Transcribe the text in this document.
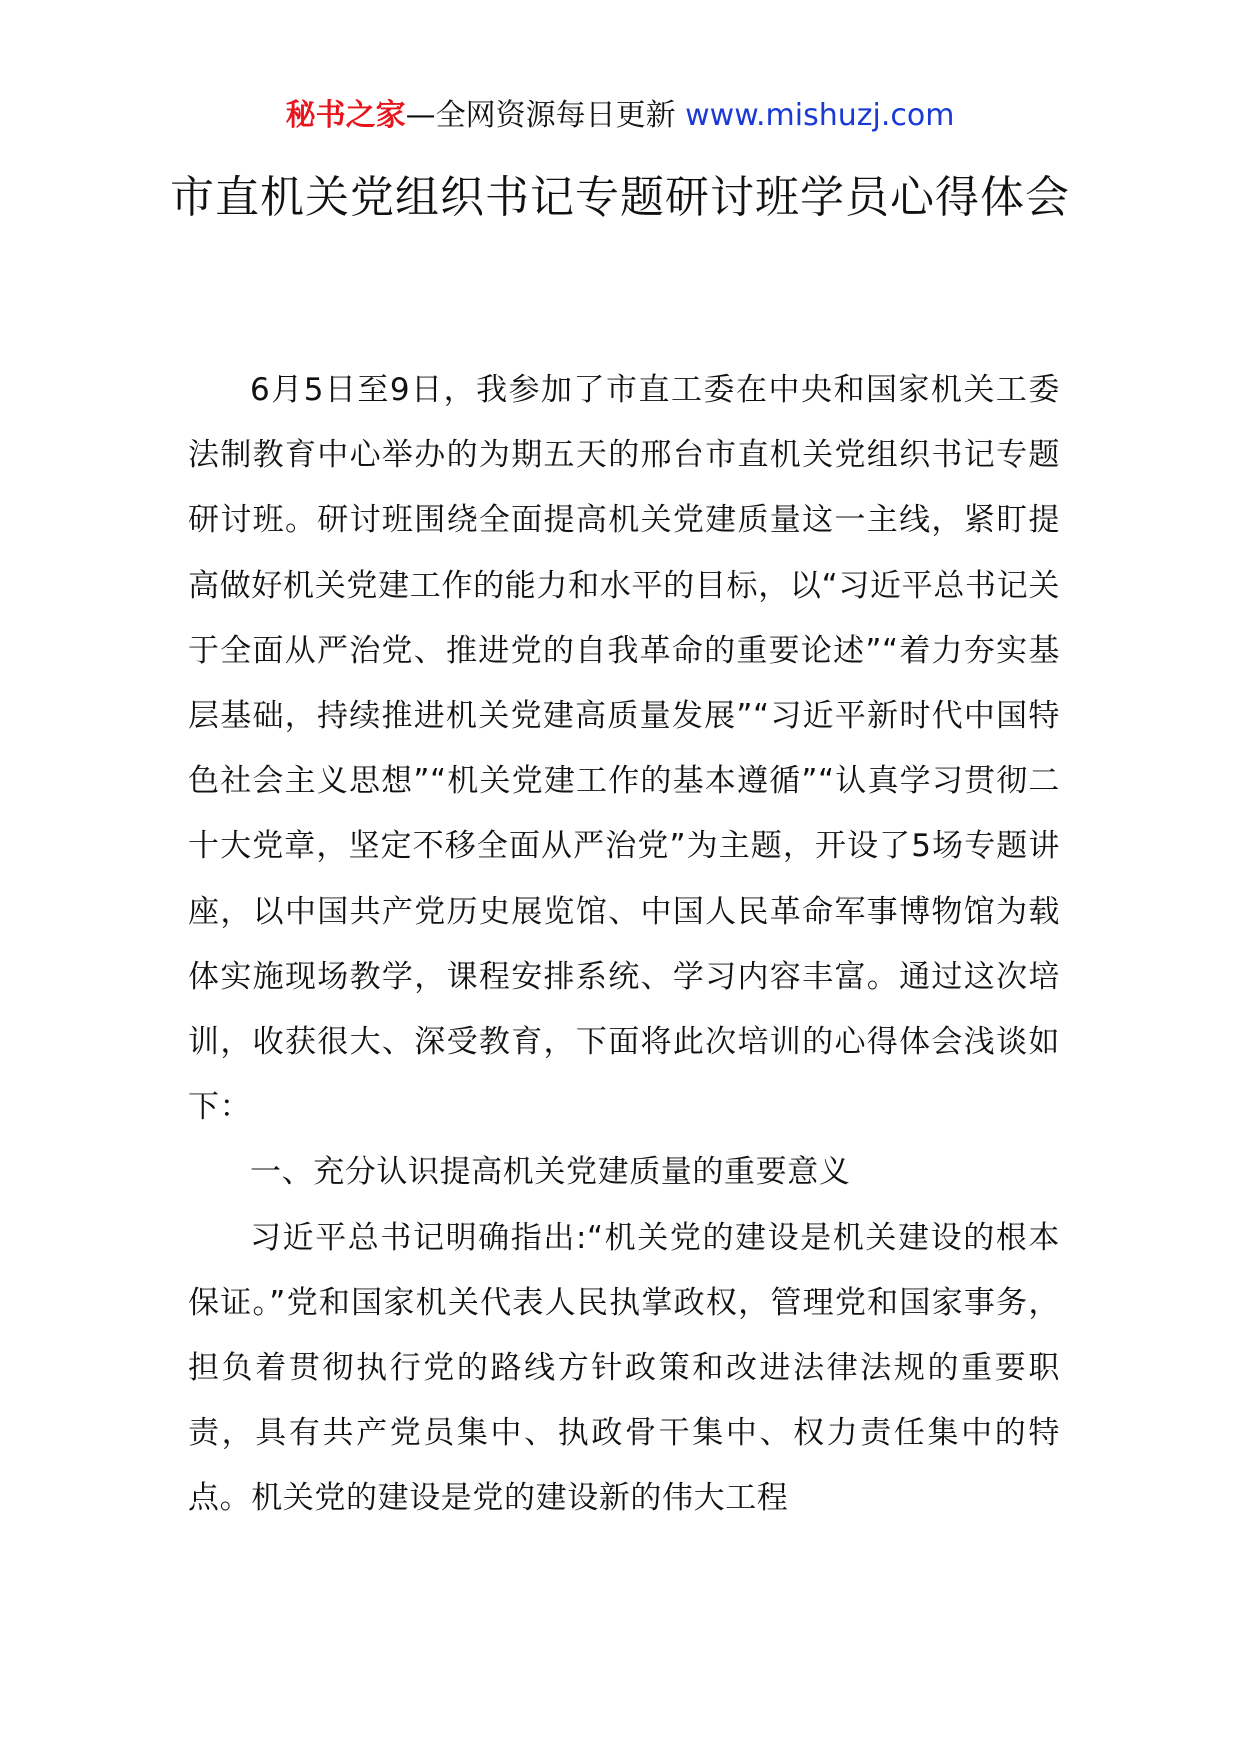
秘书之家—全网资源每日更新 www.mishuzj.com
市直机关党组织书记专题研讨班学员心得体会

6月5日至9日，我参加了市直工委在中央和国家机关工委法制教育中心举办的为期五天的邢台市直机关党组织书记专题研讨班。研讨班围绕全面提高机关党建质量这一主线，紧盯提高做好机关党建工作的能力和水平的目标，以“习近平总书记关于全面从严治党、推进党的自我革命的重要论述”“着力夯实基层基础，持续推进机关党建高质量发展”“习近平新时代中国特色社会主义思想”“机关党建工作的基本遵循”“认真学习贯彻二十大党章，坚定不移全面从严治党”为主题，开设了5场专题讲座，以中国共产党历史展览馆、中国人民革命军事博物馆为载体实施现场教学，课程安排系统、学习内容丰富。通过这次培训，收获很大、深受教育，下面将此次培训的心得体会浅谈如下：

一、充分认识提高机关党建质量的重要意义

习近平总书记明确指出:“机关党的建设是机关建设的根本保证。”党和国家机关代表人民执掌政权，管理党和国家事务，担负着贯彻执行党的路线方针政策和改进法律法规的重要职责，具有共产党员集中、执政骨干集中、权力责任集中的特点。机关党的建设是党的建设新的伟大工程
